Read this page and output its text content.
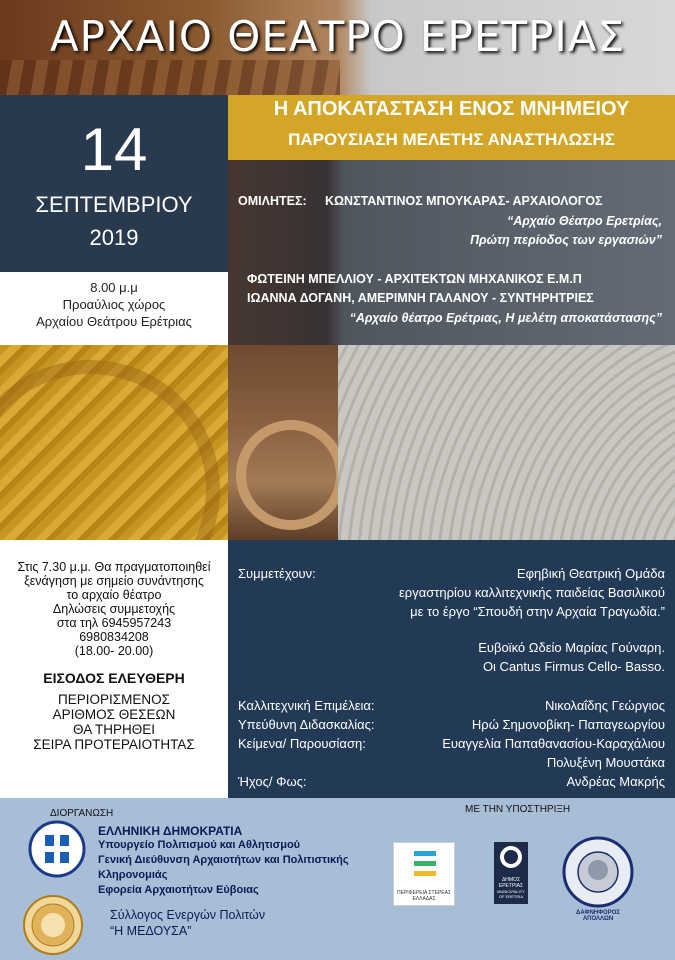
ΑΡΧΑΙΟ ΘΕΑΤΡΟ ΕΡΕΤΡΙΑΣ
14
ΣΕΠΤΕΜΒΡΙΟΥ
2019
Η ΑΠΟΚΑΤΑΣΤΑΣΗ ΕΝΟΣ ΜΝΗΜΕΙΟΥ
ΠΑΡΟΥΣΙΑΣΗ ΜΕΛΕΤΗΣ ΑΝΑΣΤΗΛΩΣΗΣ
ΟΜΙΛΗΤΕΣ: ΚΩΝΣΤΑΝΤΙΝΟΣ ΜΠΟΥΚΑΡΑΣ- ΑΡΧΑΙΟΛΟΓΟΣ
“Αρχαίο Θέατρο Ερετρίας,
Πρώτη περίοδος των εργασιών”
ΦΩΤΕΙΝΗ ΜΠΕΛΛΙΟΥ - ΑΡΧΙΤΕΚΤΩΝ ΜΗΧΑΝΙΚΟΣ Ε.Μ.Π
ΙΩΑΝΝΑ ΔΟΓΑΝΗ, ΑΜΕΡΙΜΝΗ ΓΑΛΑΝΟΥ - ΣΥΝΤΗΡΗΤΡΙΕΣ
“Αρχαίο θέατρο Ερέτριας, Η μελέτη αποκατάστασης”
8.00 μ.μ
Προαύλιος χώρος
Αρχαίου Θεάτρου Ερέτριας
Στις 7.30 μ.μ. Θα πραγματοποιηθεί
ξενάγηση με σημείο συνάντησης
το αρχαίο θέατρο
Δηλώσεις συμμετοχής
στα τηλ 6945957243
6980834208
(18.00- 20.00)
ΕΙΣΟΔΟΣ ΕΛΕΥΘΕΡΗ
ΠΕΡΙΟΡΙΣΜΕΝΟΣ
ΑΡΙΘΜΟΣ ΘΕΣΕΩΝ
ΘΑ ΤΗΡΗΘΕΙ
ΣΕΙΡΑ ΠΡΟΤΕΡΑΙΟΤΗΤΑΣ
Συμμετέχουν:	Εφηβική Θεατρική Ομάδα
εργαστηρίου καλλιτεχνικής παιδείας Βασιλικού
με το έργο “Σπουδή στην Αρχαία Τραγωδία.”
Ευβοϊκό Ωδείο Μαρίας Γούναρη.
Οι Cantus Firmus Cello- Basso.
Καλλιτεχνική Επιμέλεια:	Νικολαΐδης Γεώργιος
Υπεύθυνη Διδασκαλίας:	Ηρώ Σημονοβίκη- Παπαγεωργίου
Κείμενα/ Παρουσίαση:	Ευαγγελία Παπαθανασίου-Καραχάλιου
Πολυξένη Μουστάκα
Ήχος/ Φως:	Ανδρέας Μακρής
ΔΙΟΡΓΑΝΩΣΗ
ΕΛΛΗΝΙΚΗ ΔΗΜΟΚΡΑΤΙΑ
Υπουργείο Πολιτισμού και Αθλητισμού
Γενική Διεύθυνση Αρχαιοτήτων και Πολιτιστικής
Κληρονομιάς
Εφορεία Αρχαιοτήτων Εύβοιας
Σύλλογος Ενεργών Πολιτών
“Η ΜΕΔΟΥΣΑ”
ΜΕ ΤΗΝ ΥΠΟΣΤΗΡΙΞΗ
ΠΕΡΙΦΕΡΕΙΑ ΣΤΕΡΕΑΣ ΕΛΛΑΔΑΣ
ΔΗΜΟΣ ΕΡΕΤΡΙΑΣ
MUNICIPALITY OF ERETRIA
ΔΑΦΝΗΦΟΡΟΣ ΑΠΟΛΛΩΝ
